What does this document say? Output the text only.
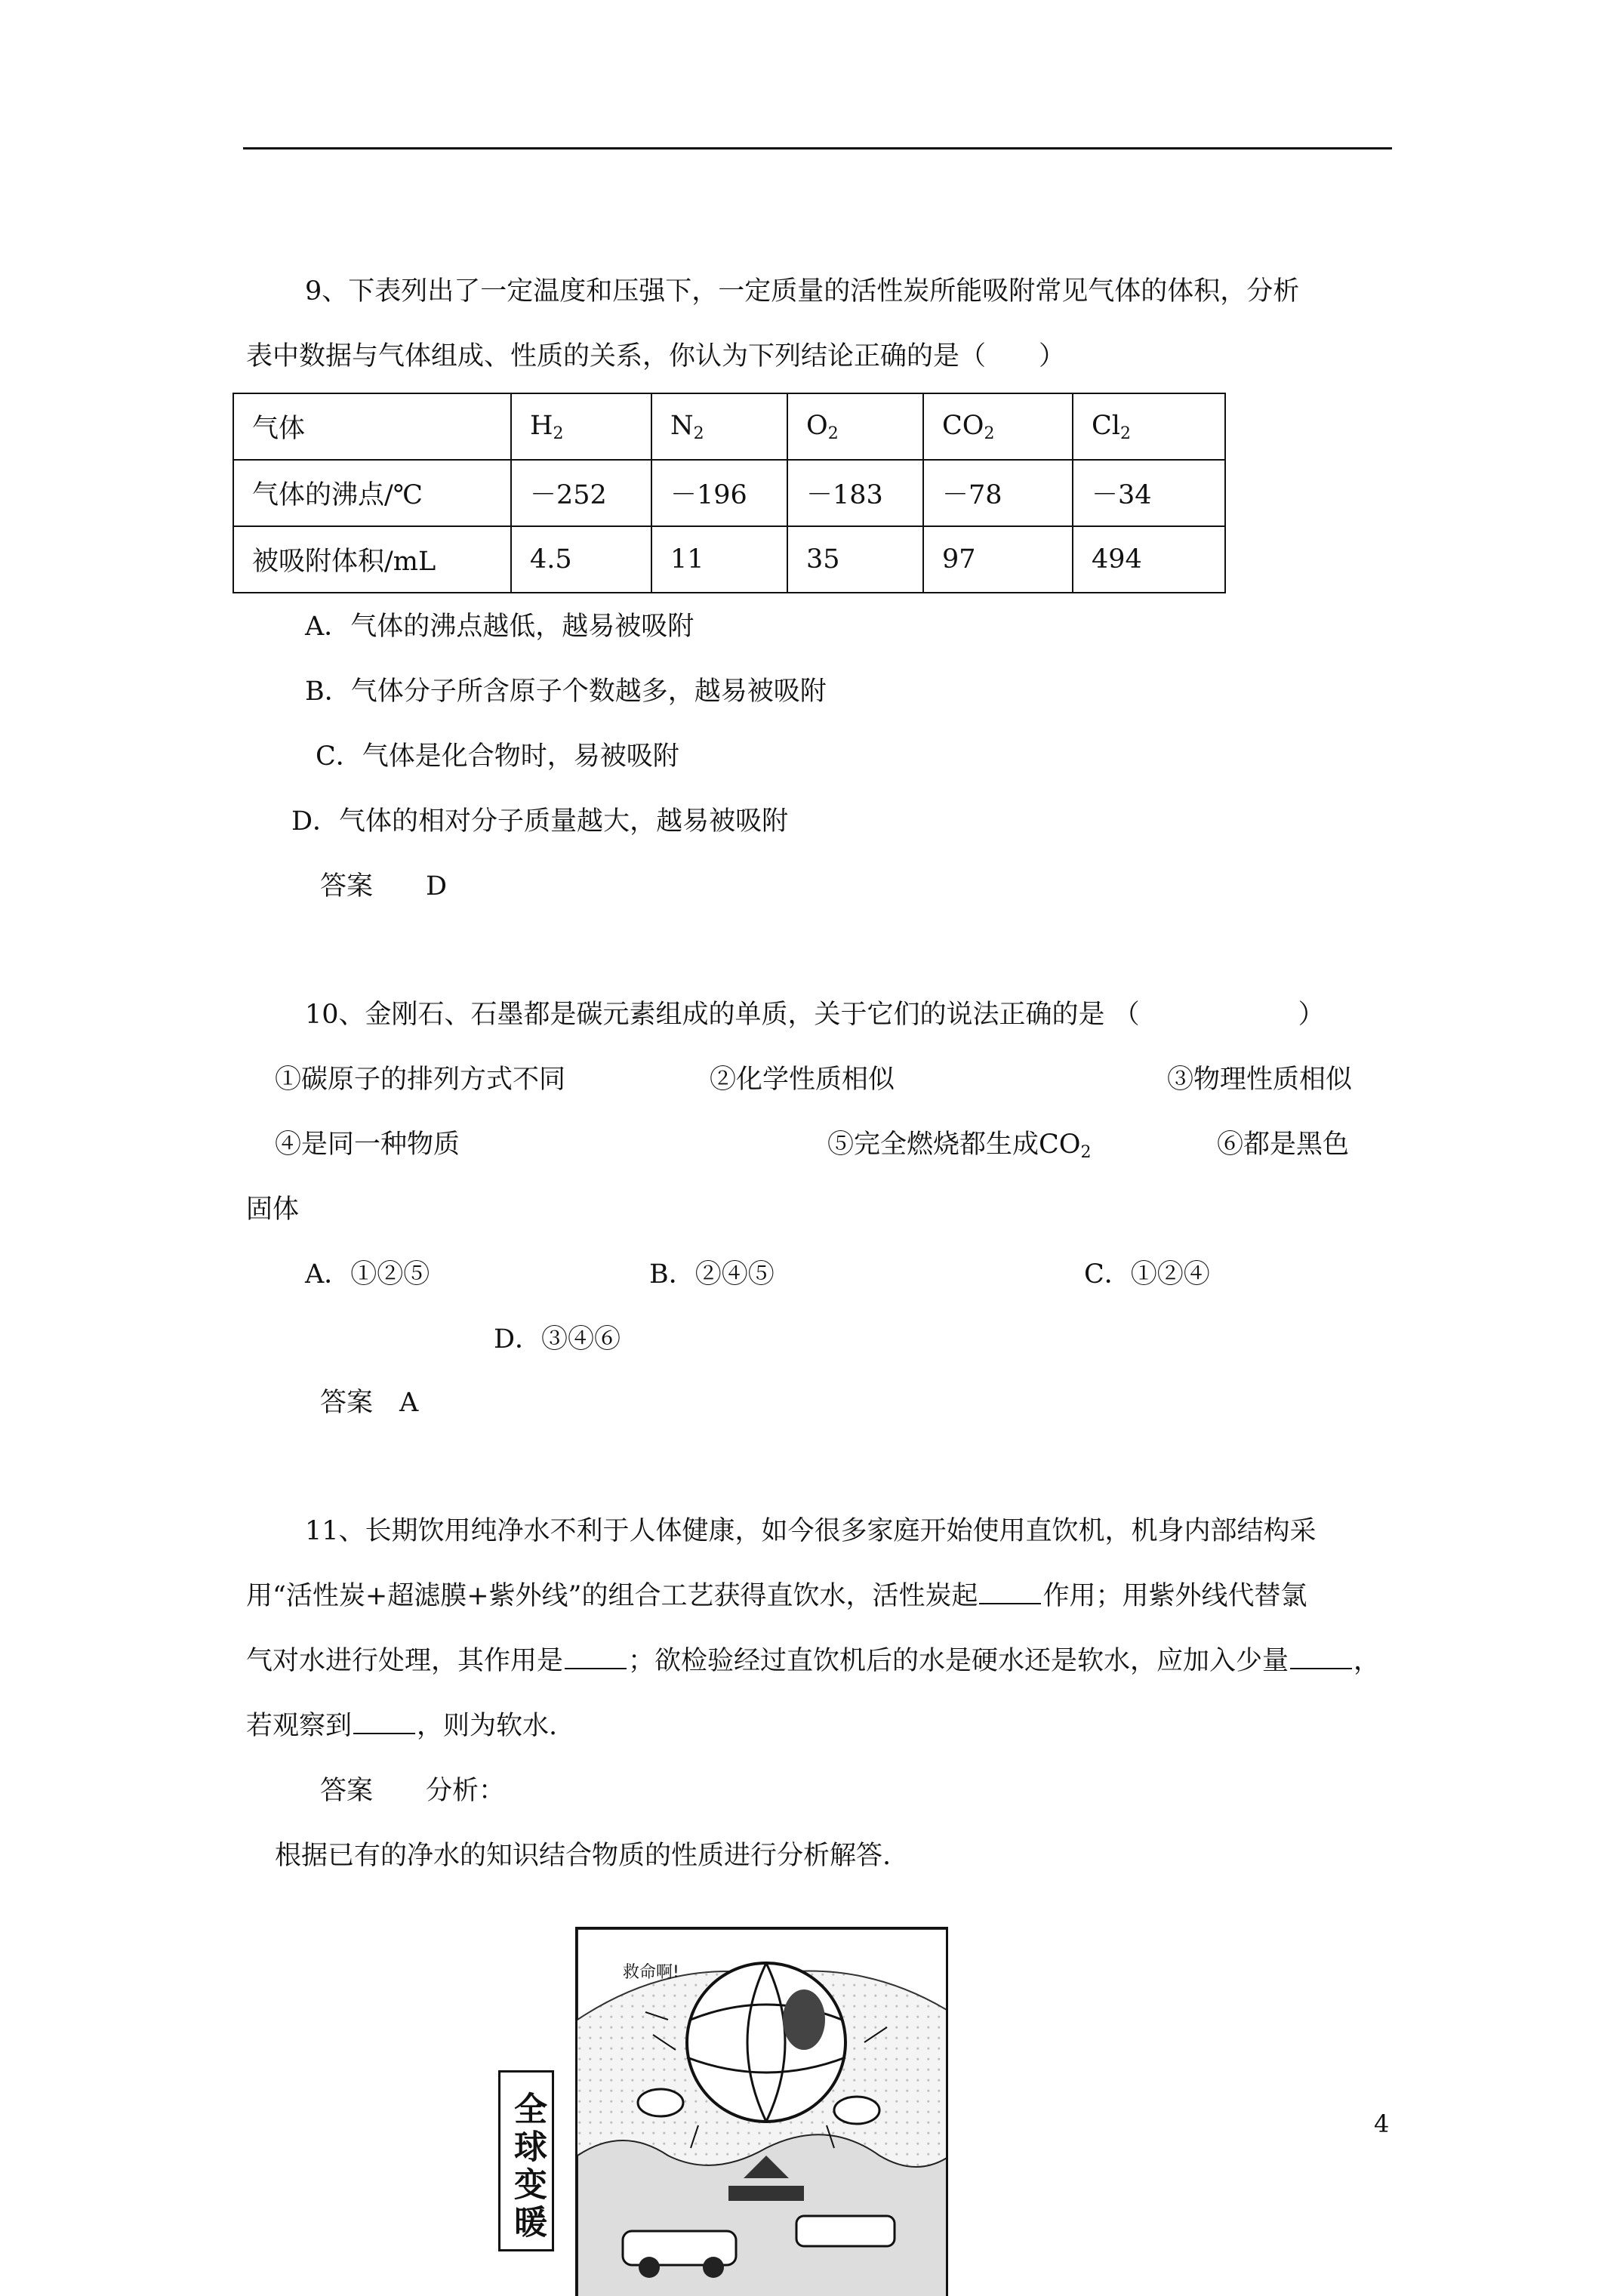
9、下表列出了一定温度和压强下，一定质量的活性炭所能吸附常见气体的体积，分析
表中数据与气体组成、性质的关系，你认为下列结论正确的是（　　）
气体	$H_2$	$N_2$	$O_2$	$CO_2$	$Cl_2$
气体的沸点/℃	－252	－196	－183	－78	－34
被吸附体积/mL	4.5	11	35	97	494
A．气体的沸点越低，越易被吸附
B．气体分子所含原子个数越多，越易被吸附
C．气体是化合物时，易被吸附
D．气体的相对分子质量越大，越易被吸附
答案　　D
10、金刚石、石墨都是碳元素组成的单质，关于它们的说法正确的是 （　　　　　　）
①碳原子的排列方式不同	②化学性质相似	③物理性质相似
④是同一种物质	⑤完全燃烧都生成$CO_2$	⑥都是黑色
固体
A．①②⑤	B．②④⑤	C．①②④
D．③④⑥
答案　A
11、长期饮用纯净水不利于人体健康，如今很多家庭开始使用直饮机，机身内部结构采
用“活性炭+超滤膜+紫外线”的组合工艺获得直饮水，活性炭起 作用；用紫外线代替氯
气对水进行处理，其作用是 ；欲检验经过直饮机后的水是硬水还是软水，应加入少量 ，
若观察到 ，则为软水.
答案　　分析：
根据已有的净水的知识结合物质的性质进行分析解答.
救命啊!
全球变暖	4
